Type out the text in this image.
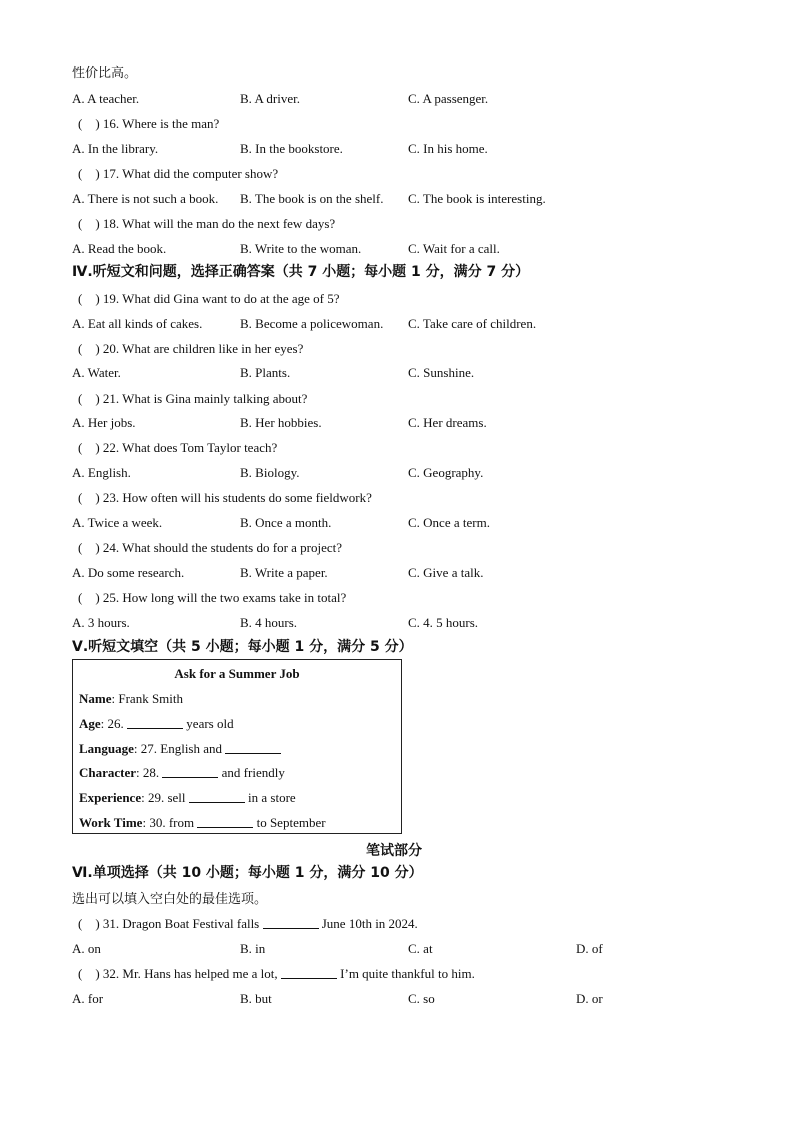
性价比高。
A. A teacher.	B. A driver.	C. A passenger.
(    ) 16. Where is the man?
A. In the library.	B. In the bookstore.	C. In his home.
(    ) 17. What did the computer show?
A. There is not such a book. B. The book is on the shelf. C. The book is interesting.
(    ) 18. What will the man do the next few days?
A. Read the book.	B. Write to the woman.	C. Wait for a call.
Ⅳ.听短文和问题，选择正确答案（共 7 小题；每小题 1 分，满分 7 分）
(    ) 19. What did Gina want to do at the age of 5?
A. Eat all kinds of cakes.	B. Become a policewoman. C. Take care of children.
(    ) 20. What are children like in her eyes?
A. Water.	B. Plants.	C. Sunshine.
(    ) 21. What is Gina mainly talking about?
A. Her jobs.	B. Her hobbies.	C. Her dreams.
(    ) 22. What does Tom Taylor teach?
A. English.	B. Biology.	C. Geography.
(    ) 23. How often will his students do some fieldwork?
A. Twice a week.	B. Once a month.	C. Once a term.
(    ) 24. What should the students do for a project?
A. Do some research.	B. Write a paper.	C. Give a talk.
(    ) 25. How long will the two exams take in total?
A. 3 hours.	B. 4 hours.	C. 4. 5 hours.
Ⅴ.听短文填空（共 5 小题；每小题 1 分，满分 5 分）
Ask for a Summer Job
Name: Frank Smith
Age: 26.	years old
Language: 27. English and
Character: 28.	and friendly
Experience: 29. sell	in a store
Work Time: 30. from	to September
笔试部分
Ⅵ.单项选择（共 10 小题；每小题 1 分，满分 10 分）
选出可以填入空白处的最佳选项。
(    ) 31. Dragon Boat Festival falls	June 10th in 2024.
A. on	B. in	C. at	D. of
(    ) 32. Mr. Hans has helped me a lot,	I’m quite thankful to him.
A. for	B. but	C. so	D. or
